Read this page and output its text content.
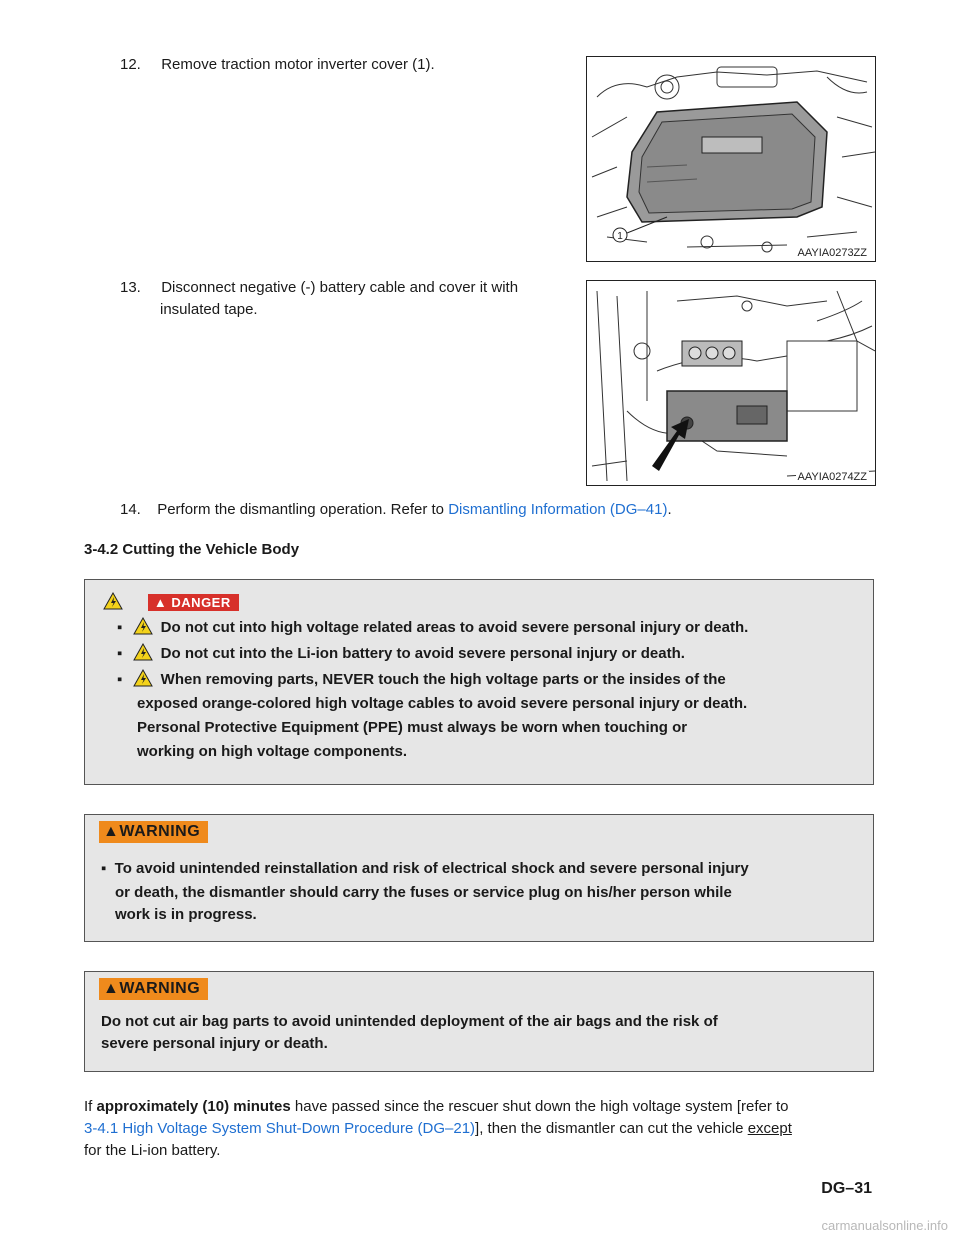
12. Remove traction motor inverter cover (1).
1
AAYIA0273ZZ
13. Disconnect negative (-) battery cable and cover it with
insulated tape.
AAYIA0274ZZ
14. Perform the dismantling operation. Refer to Dismantling Information (DG–41).
3-4.2 Cutting the Vehicle Body
▲ DANGER
▪	Do not cut into high voltage related areas to avoid severe personal injury or death.
▪	Do not cut into the Li-ion battery to avoid severe personal injury or death.
▪	When removing parts, NEVER touch the high voltage parts or the insides of the
exposed orange-colored high voltage cables to avoid severe personal injury or death.
Personal Protective Equipment (PPE) must always be worn when touching or
working on high voltage components.
▲WARNING
▪ To avoid unintended reinstallation and risk of electrical shock and severe personal injury
or death, the dismantler should carry the fuses or service plug on his/her person while
work is in progress.
▲WARNING
Do not cut air bag parts to avoid unintended deployment of the air bags and the risk of
severe personal injury or death.
If approximately (10) minutes have passed since the rescuer shut down the high voltage system [refer to
3-4.1 High Voltage System Shut-Down Procedure (DG–21)], then the dismantler can cut the vehicle except
for the Li-ion battery.
DG–31
carmanualsonline.info
